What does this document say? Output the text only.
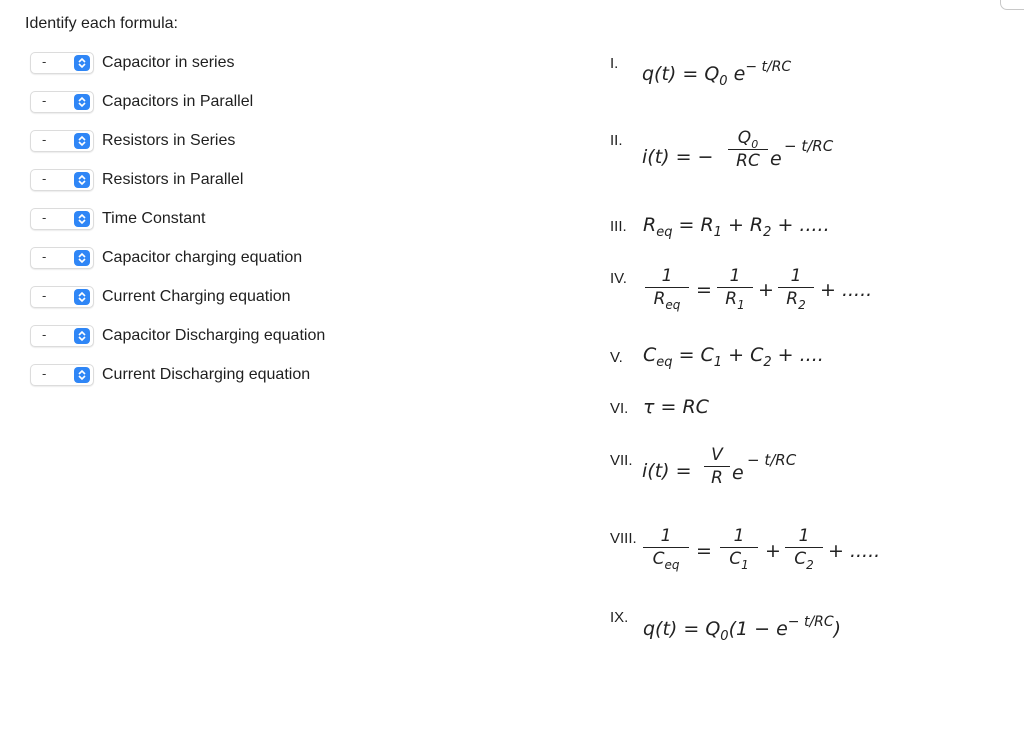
Identify each formula:
-	Capacitor in series
-	Capacitors in Parallel
-	Resistors in Series
-	Resistors in Parallel
-	Time Constant
-	Capacitor charging equation
-	Current Charging equation
-	Capacitor Discharging equation
-	Current Discharging equation
I. $q(t) = Q_0$ $e^{- t/RC}$
II.
i(t) = −
$Q_0$
RC e
− t/RC
III. $R_{eq} = R_1 + R_2$ + .....
IV.	1
$R_{eq}$
=
1
$R_1$
+
1
$R_2$
+ .....
V. $C_{eq} = C_1 + C_2$ + ....
VI. τ = RC
VII. i(t) =
V
R e
− t/RC
VIII.	1
$C_{eq}$
=
1
$C_1$
+
1
$C_2$
+ .....
IX.
$q(t) = Q_0(1 - e^{- t/RC})$
